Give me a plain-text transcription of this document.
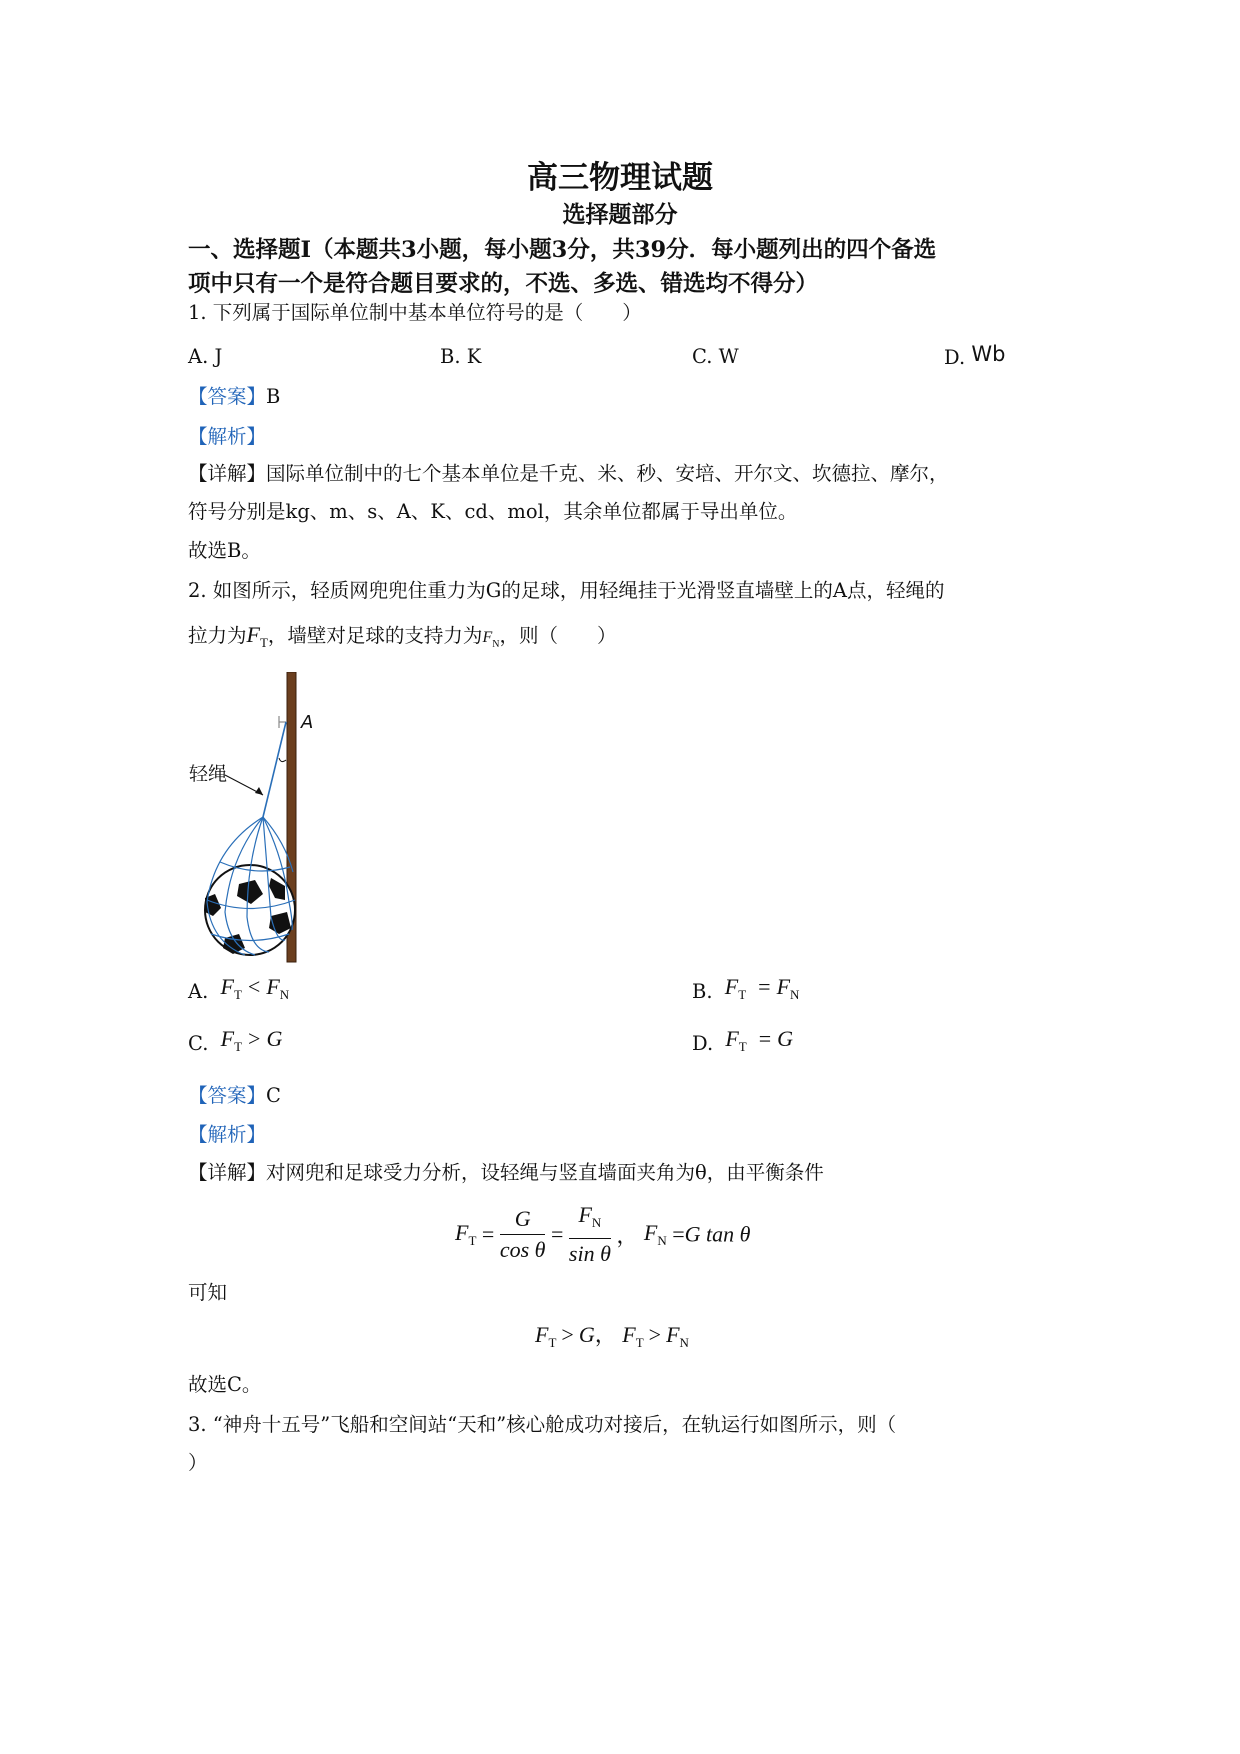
高三物理试题
选择题部分
一、选择题Ⅰ（本题共3小题，每小题3分，共39分．每小题列出的四个备选
项中只有一个是符合题目要求的，不选、多选、错选均不得分）
1. 下列属于国际单位制中基本单位符号的是（　　）
A. J	B. K	C. W	D. Wb
【答案】B
【解析】
【详解】国际单位制中的七个基本单位是千克、米、秒、安培、开尔文、坎德拉、摩尔，
符号分别是kg、m、s、A、K、cd、mol，其余单位都属于导出单位。
故选B。
2. 如图所示，轻质网兜兜住重力为G的足球，用轻绳挂于光滑竖直墙壁上的A点，轻绳的
拉力为$F_T$，墙壁对足球的支持力为$F_N$，则（　　）
A
轻绳
A. $F_T < F_N$	B. $F_T = F_N$
C. $F_T > G$	D. $F_T = G$
【答案】C
【解析】
【详解】对网兜和足球受力分析，设轻绳与竖直墙面夹角为θ，由平衡条件
$F_T = \frac{G}{\text{cos θ}} = \frac{F_N}{\text{sin θ}}$ ， $F_N =G$ tan θ
可知
$F_T > G$， $F_T > F_N$
故选C。
3. “神舟十五号”飞船和空间站“天和”核心舱成功对接后，在轨运行如图所示，则（
）
